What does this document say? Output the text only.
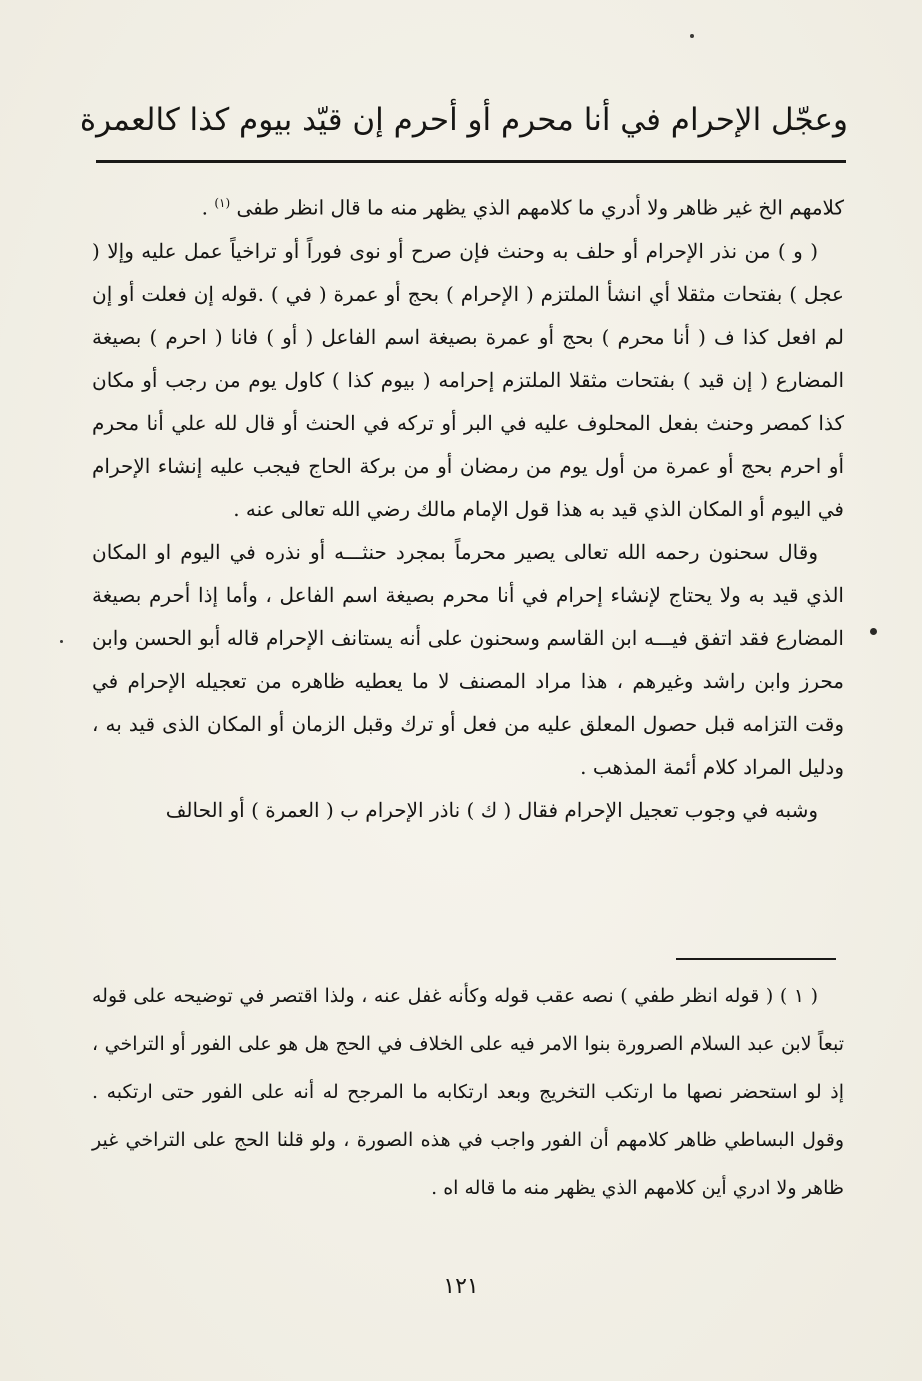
وعجّل الإحرام في أنا محرم أو أحرم إن قيّد بيوم كذا كالعمرة

كلامهم الخ غير ظاهر ولا أدري ما كلامهم الذي يظهر منه ما قال انظر طفى $^{(١)}$ .

( و ) من نذر الإحرام أو حلف به وحنث فإن صرح أو نوى فوراً أو تراخياً عمل عليه وإلا ( عجل ) بفتحات مثقلا أي انشأ الملتزم ( الإحرام ) بحج أو عمرة ( في ) .قوله إن فعلت أو إن لم افعل كذا ف ( أنا محرم ) بحج أو عمرة بصيغة اسم الفاعل ( أو ) فانا ( احرم ) بصيغة المضارع ( إن قيد ) بفتحات مثقلا الملتزم إحرامه ( بيوم كذا ) كاول يوم من رجب أو مكان كذا كمصر وحنث بفعل المحلوف عليه في البر أو تركه في الحنث أو قال لله علي أنا محرم أو احرم بحج أو عمرة من أول يوم من رمضان أو من بركة الحاج فيجب عليه إنشاء الإحرام في اليوم أو المكان الذي قيد به هذا قول الإمام مالك رضي الله تعالى عنه .

وقال سحنون رحمه الله تعالى يصير محرماً بمجرد حنثـــه أو نذره في اليوم او المكان الذي قيد به ولا يحتاج لإنشاء إحرام في أنا محرم بصيغة اسم الفاعل ، وأما إذا أحرم بصيغة المضارع فقد اتفق فيـــه ابن القاسم وسحنون على أنه يستانف الإحرام قاله أبو الحسن وابن محرز وابن راشد وغيرهم ، هذا مراد المصنف لا ما يعطيه ظاهره من تعجيله الإحرام في وقت التزامه قبل حصول المعلق عليه من فعل أو ترك وقبل الزمان أو المكان الذى قيد به ، ودليل المراد كلام أئمة المذهب .

وشبه في وجوب تعجيل الإحرام فقال ( ك ) ناذر الإحرام ب ( العمرة ) أو الحالف

( ١ ) ( قوله انظر طفي ) نصه عقب قوله وكأنه غفل عنه ، ولذا اقتصر في توضيحه على قوله تبعاً لابن عبد السلام الصرورة بنوا الامر فيه على الخلاف في الحج هل هو على الفور أو التراخي ، إذ لو استحضر نصها ما ارتكب التخريج وبعد ارتكابه ما المرجح له أنه على الفور حتى ارتكبه . وقول البساطي ظاهر كلامهم أن الفور واجب في هذه الصورة ، ولو قلنا الحج على التراخي غير ظاهر ولا ادري أين كلامهم الذي يظهر منه ما قاله اه .

١٢١
